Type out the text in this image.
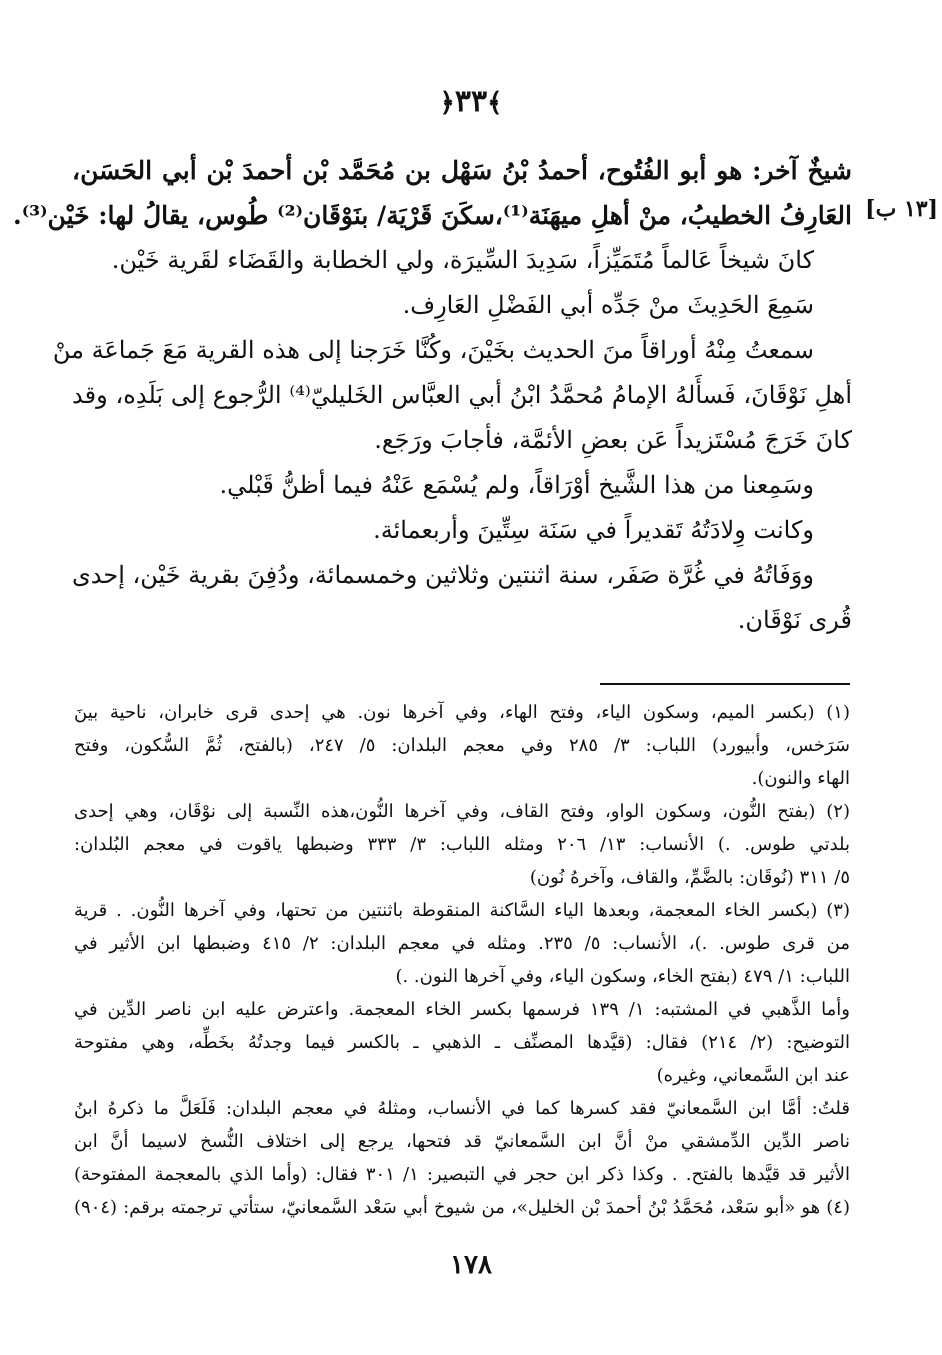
﴾٣٣﴿
[١٣ ب]
شيخٌ آخر: هو أبو الفُتُوح، أحمدُ بْنُ سَهْل بن مُحَمَّد بْن أحمدَ بْن أبي الحَسَن،
العَارِفُ الخطيبُ، منْ أهلِ ميهَنَة⁽¹⁾،سكَنَ قَرْيَة/ بنَوْقَان⁽²⁾ طُوس، يقالُ لها: خَيْن⁽³⁾.
كانَ شيخاً عَالماً مُتَمَيِّزاً، سَدِيدَ السِّيرَة، ولي الخطابة والقَضَاء لقَرية خَيْن.
سَمِعَ الحَدِيثَ منْ جَدِّه أبي الفَضْلِ العَارِف.
سمعتُ مِنْهُ أوراقاً منَ الحديث بخَيْنَ، وكُنَّا خَرَجنا إلى هذه القرية مَعَ جَماعَة منْ
أهلِ نَوْقَانَ، فَسأَلهُ الإمامُ مُحمَّدُ ابْنُ أبي العبَّاس الخَليليّ⁽⁴⁾ الرُّجوع إلى بَلَدِه، وقد
كانَ خَرَجَ مُسْتَزيداً عَن بعضِ الأئمَّة، فأجابَ ورَجَع.
وسَمِعنا من هذا الشَّيخ أوْرَاقاً، ولم يُسْمَع عَنْهُ فيما أظنُّ قَبْلي.
وكانت وِلادَتُهُ تَقديراً في سَنَة سِتِّينَ وأربعمائة.
ووَفَاتُهُ في غُرَّة صَفَر، سنة اثنتين وثلاثين وخمسمائة، ودُفِنَ بقرية خَيْن، إحدى
قُرى نَوْقَان.
(١) (بكسر الميم، وسكون الياء، وفتح الهاء، وفي آخرها نون. هي إحدى قرى خابران، ناحية بينَ
سَرَخس، وأبيورد) اللباب: ٣/ ٢٨٥ وفي معجم البلدان: ٥/ ٢٤٧، (بالفتح، ثُمَّ السُّكون، وفتح
الهاء والنون).
(٢) (بفتح النُّون، وسكون الواو، وفتح القاف، وفي آخرها النُّون،هذه النِّسبة إلى نوْقَان، وهي إحدى
بلدتي طوس. .) الأنساب: ١٣/ ٢٠٦ ومثله اللباب: ٣/ ٣٣٣ وضبطها ياقوت في معجم البُلدان:
٥/ ٣١١ (نُوقَان: بالضَّمِّ، والقاف، وآخرهُ نُون)
(٣) (بكسر الخاء المعجمة، وبعدها الياء السَّاكنة المنقوطة باثنتين من تحتها، وفي آخرها النُّون. . قرية
من قرى طوس. .)، الأنساب: ٥/ ٢٣٥. ومثله في معجم البلدان: ٢/ ٤١٥ وضبطها ابن الأثير في
اللباب: ١/ ٤٧٩ (بفتح الخاء، وسكون الياء، وفي آخرها النون. .)
وأما الذَّهبي في المشتبه: ١/ ١٣٩ فرسمها بكسر الخاء المعجمة. واعترض عليه ابن ناصر الدِّين في
التوضيح: (٢/ ٢١٤) فقال: (قيَّدها المصنِّف ـ الذهبي ـ بالكسر فيما وجدتُهُ بخَطِّه، وهي مفتوحة
عند ابن السَّمعاني، وغيره)
قلتُ: أمَّا ابن السَّمعانيّ فقد كسرها كما في الأنساب، ومثلهُ في معجم البلدان: فَلَعَلَّ ما ذكرهُ ابنُ
ناصر الدِّين الدِّمشقي منْ أنَّ ابن السَّمعانيّ قد فتحها، يرجع إلى اختلاف النُّسخ لاسيما أنَّ ابن
الأثير قد قيَّدها بالفتح. . وكذا ذكر ابن حجر في التبصير: ١/ ٣٠١ فقال: (وأما الذي بالمعجمة المفتوحة)
(٤) هو «أبو سَعْد، مُحَمَّدُ بْنُ أحمدَ بْن الخليل»، من شيوخ أبي سَعْد السَّمعانيّ، ستأتي ترجمته برقم: (٩٠٤)
١٧٨
